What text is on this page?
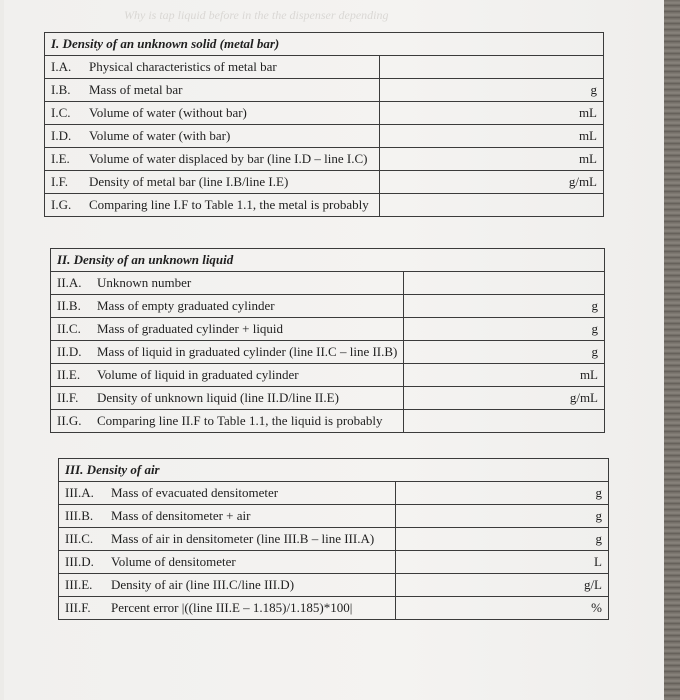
Why is tap liquid before in the the dispenser depending
I. Density of an unknown solid (metal bar)	
I.A. Physical characteristics of metal bar	
I.B. Mass of metal bar	g
I.C. Volume of water (without bar)	mL
I.D. Volume of water (with bar)	mL
I.E. Volume of water displaced by bar (line I.D – line I.C)	mL
I.F. Density of metal bar (line I.B/line I.E)	g/mL
I.G. Comparing line I.F to Table 1.1, the metal is probably	
II. Density of an unknown liquid	
II.A. Unknown number	
II.B. Mass of empty graduated cylinder	g
II.C. Mass of graduated cylinder + liquid	g
II.D. Mass of liquid in graduated cylinder (line II.C – line II.B)	g
II.E. Volume of liquid in graduated cylinder	mL
II.F. Density of unknown liquid (line II.D/line II.E)	g/mL
II.G. Comparing line II.F to Table 1.1, the liquid is probably	
III. Density of air	
III.A. Mass of evacuated densitometer	g
III.B. Mass of densitometer + air	g
III.C. Mass of air in densitometer (line III.B – line III.A)	g
III.D. Volume of densitometer	L
III.E. Density of air (line III.C/line III.D)	g/L
III.F. Percent error |((line III.E – 1.185)/1.185)*100|	%
